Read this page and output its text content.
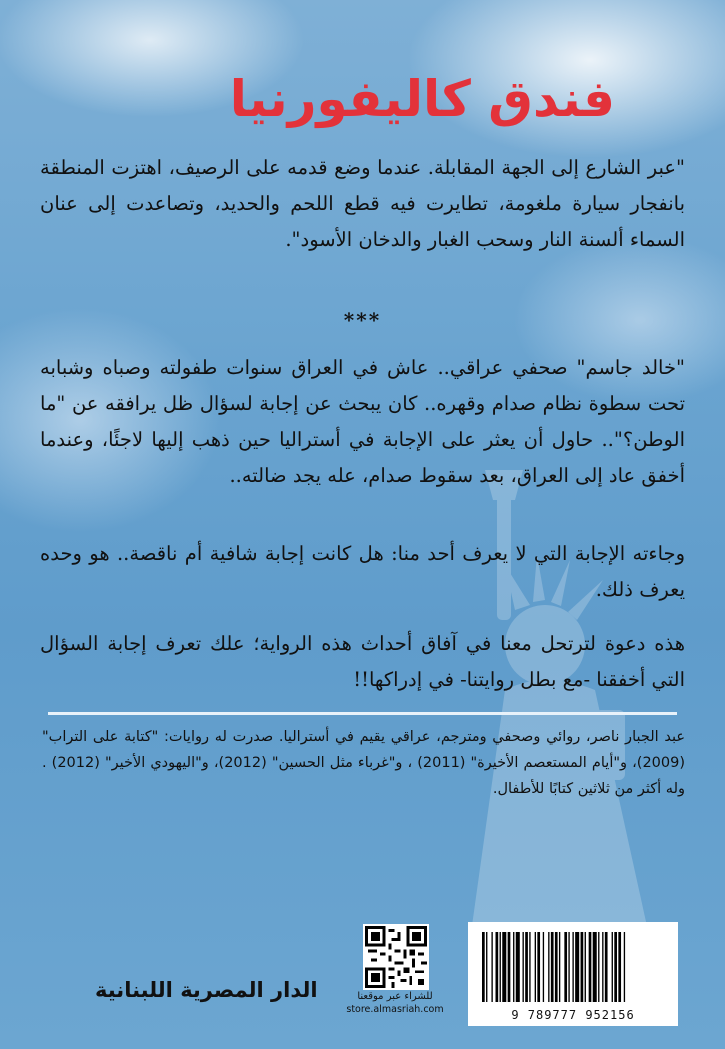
فندق كاليفورنيا

"عبر الشارع إلى الجهة المقابلة. عندما وضع قدمه على الرصيف، اهتزت المنطقة بانفجار سيارة ملغومة، تطايرت فيه قطع اللحم والحديد، وتصاعدت إلى عنان السماء ألسنة النار وسحب الغبار والدخان الأسود".

***

"خالد جاسم" صحفي عراقي.. عاش في العراق سنوات طفولته وصباه وشبابه تحت سطوة نظام صدام وقهره.. كان يبحث عن إجابة لسؤال ظل يرافقه عن "ما الوطن؟".. حاول أن يعثر على الإجابة في أستراليا حين ذهب إليها لاجئًا، وعندما أخفق عاد إلى العراق، بعد سقوط صدام، عله يجد ضالته..

وجاءته الإجابة التي لا يعرف أحد منا: هل كانت إجابة شافية أم ناقصة.. هو وحده يعرف ذلك.

هذه دعوة لترتحل معنا في آفاق أحداث هذه الرواية؛ علك تعرف إجابة السؤال التي أخفقنا -مع بطل روايتنا- في إدراكها!!

عبد الجبار ناصر، روائي وصحفي ومترجم، عراقي يقيم في أستراليا. صدرت له روايات: "كتابة على التراب" (2009)، و"أيام المستعصم الأخيرة" (2011) ، و"غرباء مثل الحسين" (2012)، و"اليهودي الأخير" (2012) . وله أكثر من ثلاثين كتابًا للأطفال.

للشراء عبر موقعنا
store.almasriah.com	9 789777 952156
الدار المصرية اللبنانية
